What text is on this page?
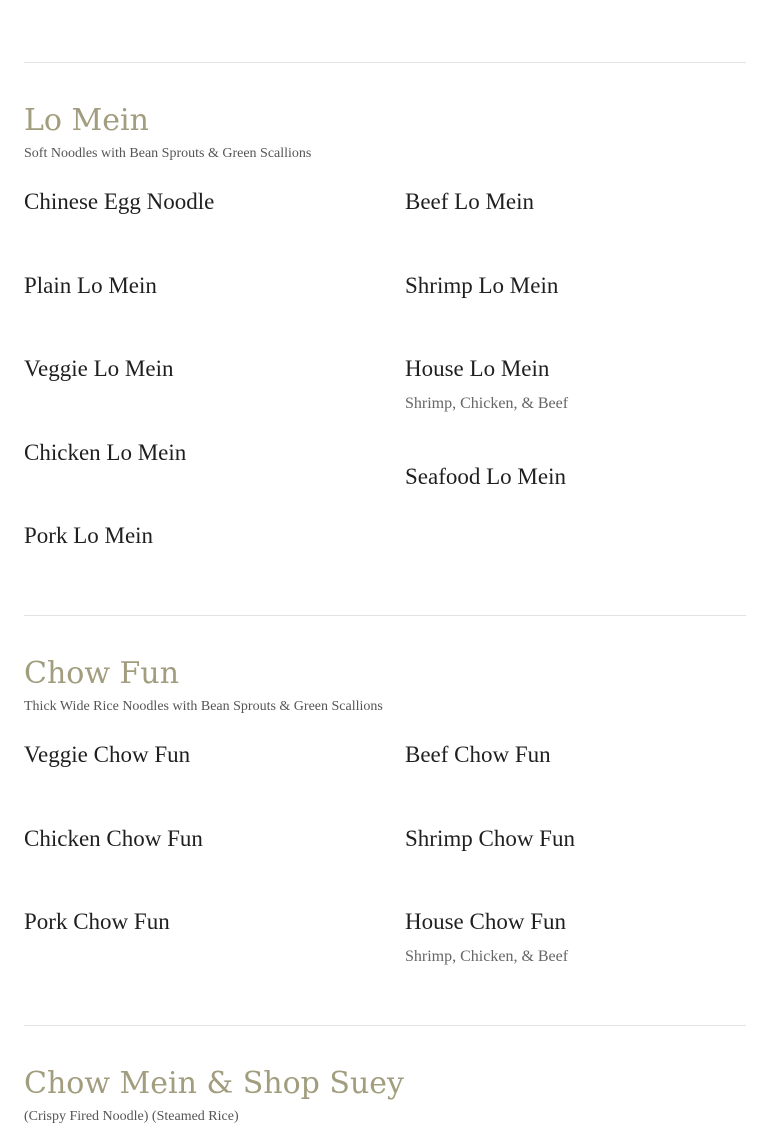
Lo Mein

Soft Noodles with Bean Sprouts & Green Scallions

Chinese Egg Noodle	Beef Lo Mein
Plain Lo Mein	Shrimp Lo Mein
Veggie Lo Mein	House Lo Mein
Shrimp, Chicken, & Beef
Chicken Lo Mein
Seafood Lo Mein
Pork Lo Mein
Chow Fun

Thick Wide Rice Noodles with Bean Sprouts & Green Scallions

Veggie Chow Fun	Beef Chow Fun
Chicken Chow Fun	Shrimp Chow Fun
Pork Chow Fun	House Chow Fun
Shrimp, Chicken, & Beef
Chow Mein & Shop Suey

(Crispy Fired Noodle) (Steamed Rice)
